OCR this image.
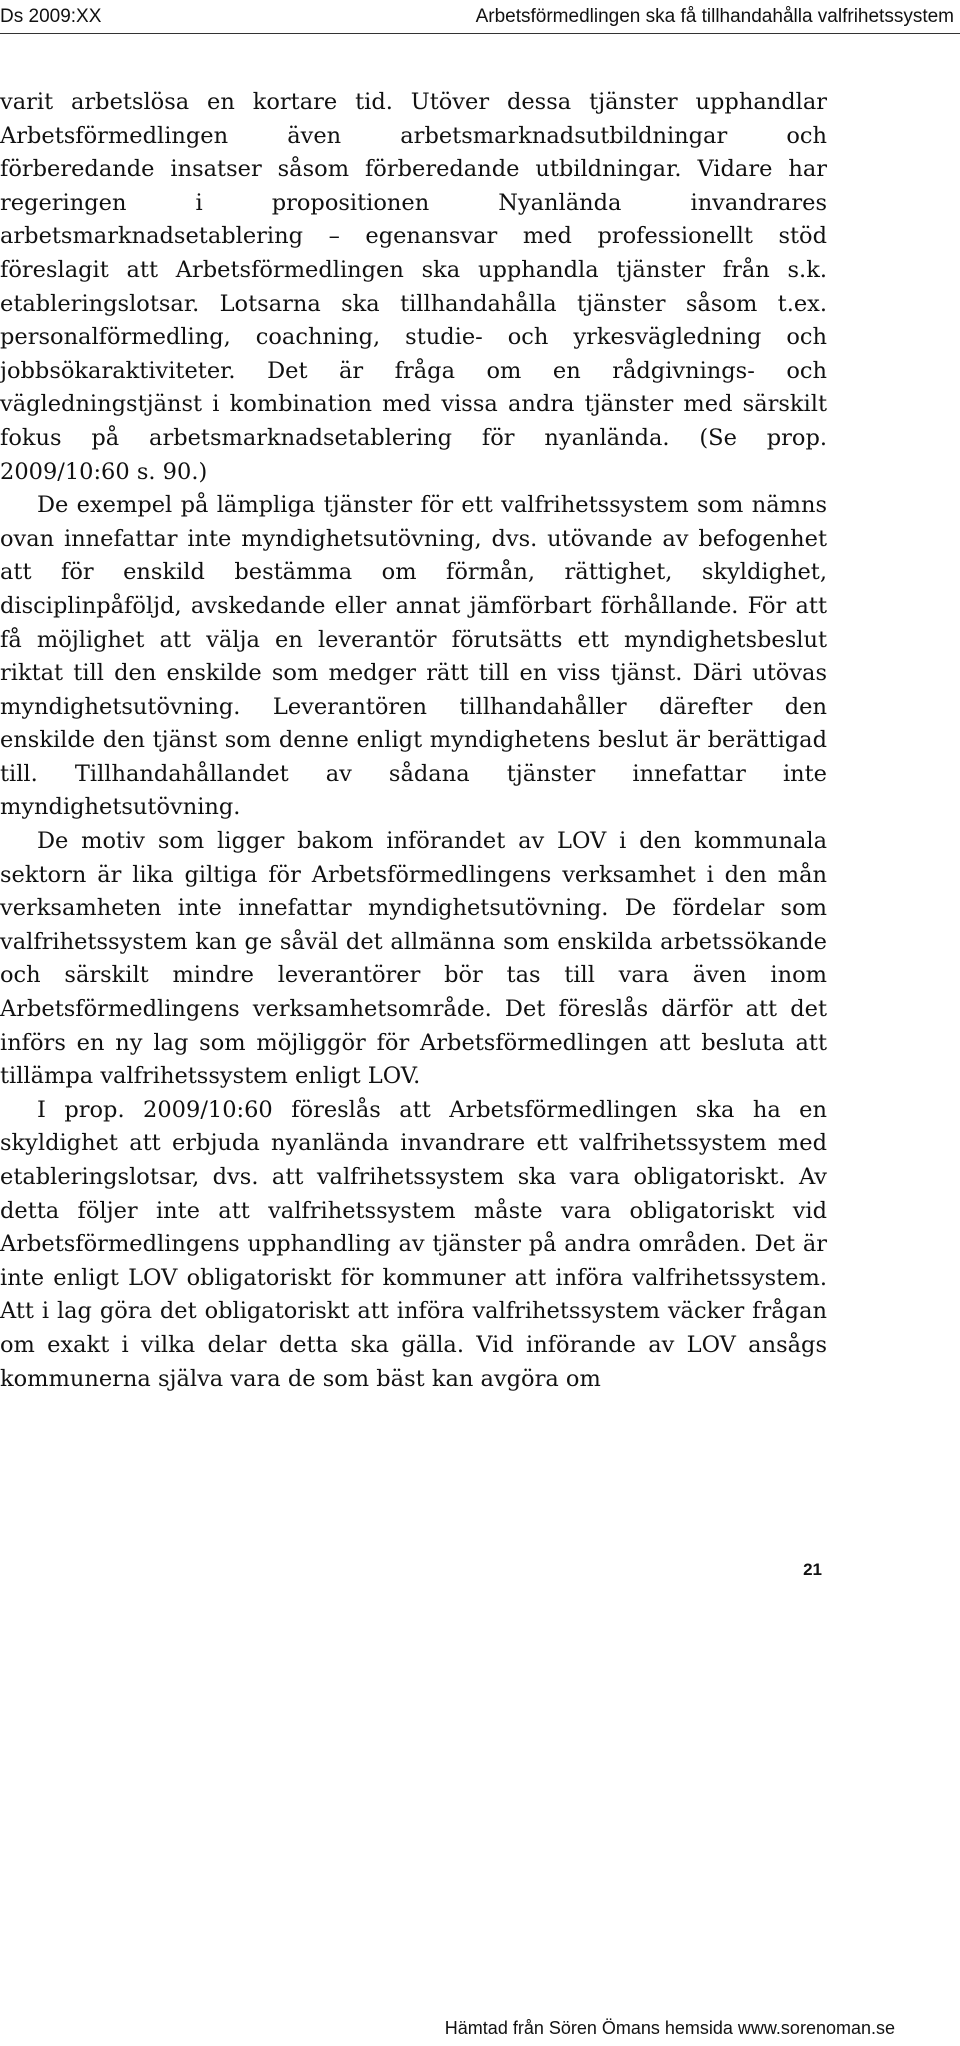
Ds 2009:XX	Arbetsförmedlingen ska få tillhandahålla valfrihetssystem

varit arbetslösa en kortare tid. Utöver dessa tjänster upphandlar Arbetsförmedlingen även arbetsmarknadsutbildningar och förberedande insatser såsom förberedande utbildningar. Vidare har regeringen i propositionen Nyanlända invandrares arbetsmarknadsetablering – egenansvar med professionellt stöd föreslagit att Arbetsförmedlingen ska upphandla tjänster från s.k. etableringslotsar. Lotsarna ska tillhandahålla tjänster såsom t.ex. personalförmedling, coachning, studie- och yrkesvägledning och jobbsökaraktiviteter. Det är fråga om en rådgivnings- och vägledningstjänst i kombination med vissa andra tjänster med särskilt fokus på arbetsmarknadsetablering för nyanlända. (Se prop. 2009/10:60 s. 90.)

De exempel på lämpliga tjänster för ett valfrihetssystem som nämns ovan innefattar inte myndighetsutövning, dvs. utövande av befogenhet att för enskild bestämma om förmån, rättighet, skyldighet, disciplinpåföljd, avskedande eller annat jämförbart förhållande. För att få möjlighet att välja en leverantör förutsätts ett myndighetsbeslut riktat till den enskilde som medger rätt till en viss tjänst. Däri utövas myndighetsutövning. Leverantören tillhandahåller därefter den enskilde den tjänst som denne enligt myndighetens beslut är berättigad till. Tillhandahållandet av sådana tjänster innefattar inte myndighetsutövning.

De motiv som ligger bakom införandet av LOV i den kommunala sektorn är lika giltiga för Arbetsförmedlingens verksamhet i den mån verksamheten inte innefattar myndighetsutövning. De fördelar som valfrihetssystem kan ge såväl det allmänna som enskilda arbetssökande och särskilt mindre leverantörer bör tas till vara även inom Arbetsförmedlingens verksamhetsområde. Det föreslås därför att det införs en ny lag som möjliggör för Arbetsförmedlingen att besluta att tillämpa valfrihetssystem enligt LOV.

I prop. 2009/10:60 föreslås att Arbetsförmedlingen ska ha en skyldighet att erbjuda nyanlända invandrare ett valfrihetssystem med etableringslotsar, dvs. att valfrihetssystem ska vara obligatoriskt. Av detta följer inte att valfrihetssystem måste vara obligatoriskt vid Arbetsförmedlingens upphandling av tjänster på andra områden. Det är inte enligt LOV obligatoriskt för kommuner att införa valfrihetssystem. Att i lag göra det obligatoriskt att införa valfrihetssystem väcker frågan om exakt i vilka delar detta ska gälla. Vid införande av LOV ansågs kommunerna själva vara de som bäst kan avgöra om

21
Hämtad från Sören Ömans hemsida www.sorenoman.se
